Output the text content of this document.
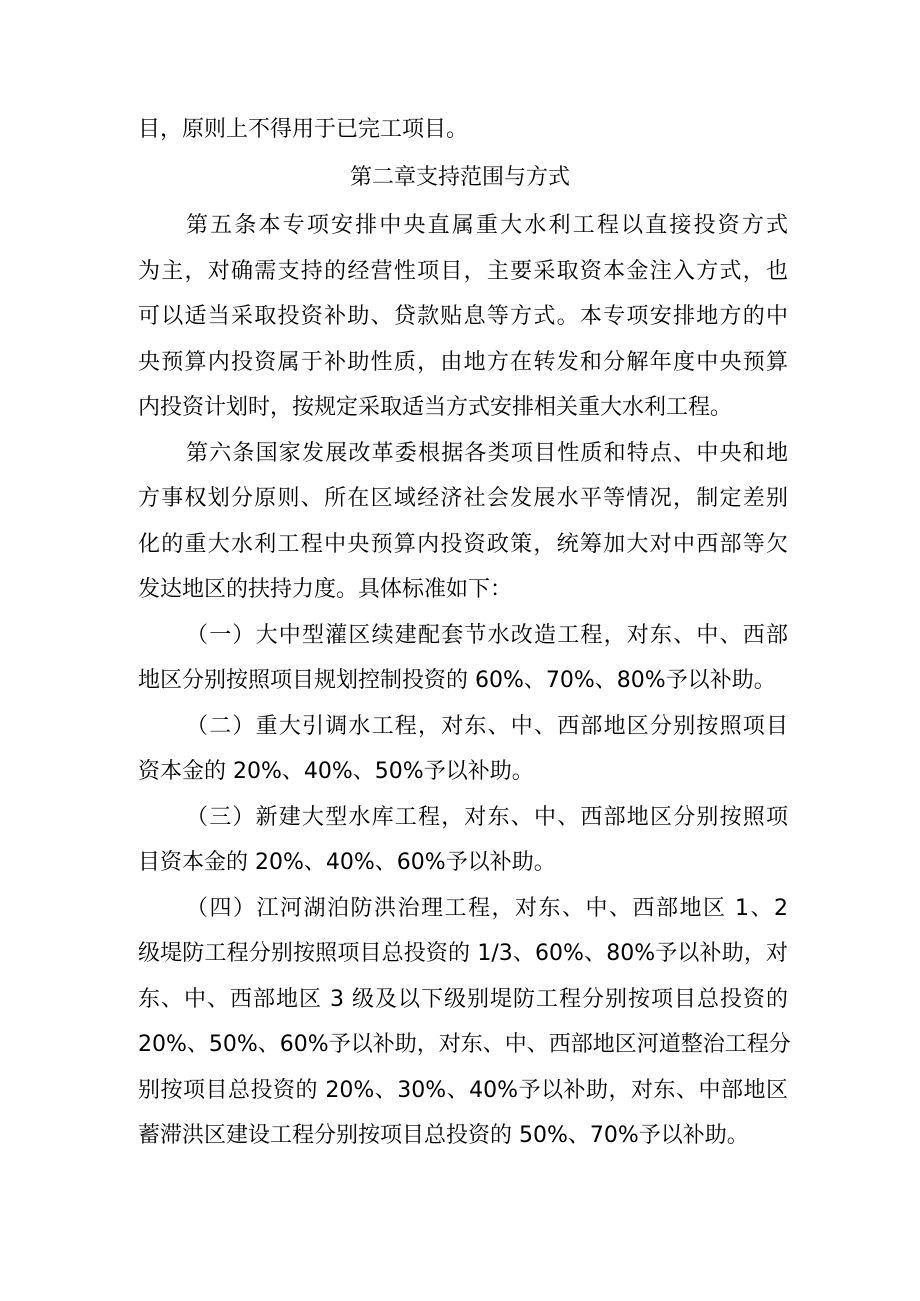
目，原则上不得用于已完工项目。
第二章支持范围与方式
第五条本专项安排中央直属重大水利工程以直接投资方式
为主，对确需支持的经营性项目，主要采取资本金注入方式，也
可以适当采取投资补助、贷款贴息等方式。本专项安排地方的中
央预算内投资属于补助性质，由地方在转发和分解年度中央预算
内投资计划时，按规定采取适当方式安排相关重大水利工程。
第六条国家发展改革委根据各类项目性质和特点、中央和地
方事权划分原则、所在区域经济社会发展水平等情况，制定差别
化的重大水利工程中央预算内投资政策，统筹加大对中西部等欠
发达地区的扶持力度。具体标准如下：
（一）大中型灌区续建配套节水改造工程，对东、中、西部
地区分别按照项目规划控制投资的 60%、70%、80%予以补助。
（二）重大引调水工程，对东、中、西部地区分别按照项目
资本金的 20%、40%、50%予以补助。
（三）新建大型水库工程，对东、中、西部地区分别按照项
目资本金的 20%、40%、60%予以补助。
（四）江河湖泊防洪治理工程，对东、中、西部地区 1、2
级堤防工程分别按照项目总投资的 1/3、60%、80%予以补助，对
东、中、西部地区 3 级及以下级别堤防工程分别按项目总投资的
20%、50%、60%予以补助，对东、中、西部地区河道整治工程分
别按项目总投资的 20%、30%、40%予以补助，对东、中部地区
蓄滞洪区建设工程分别按项目总投资的 50%、70%予以补助。
